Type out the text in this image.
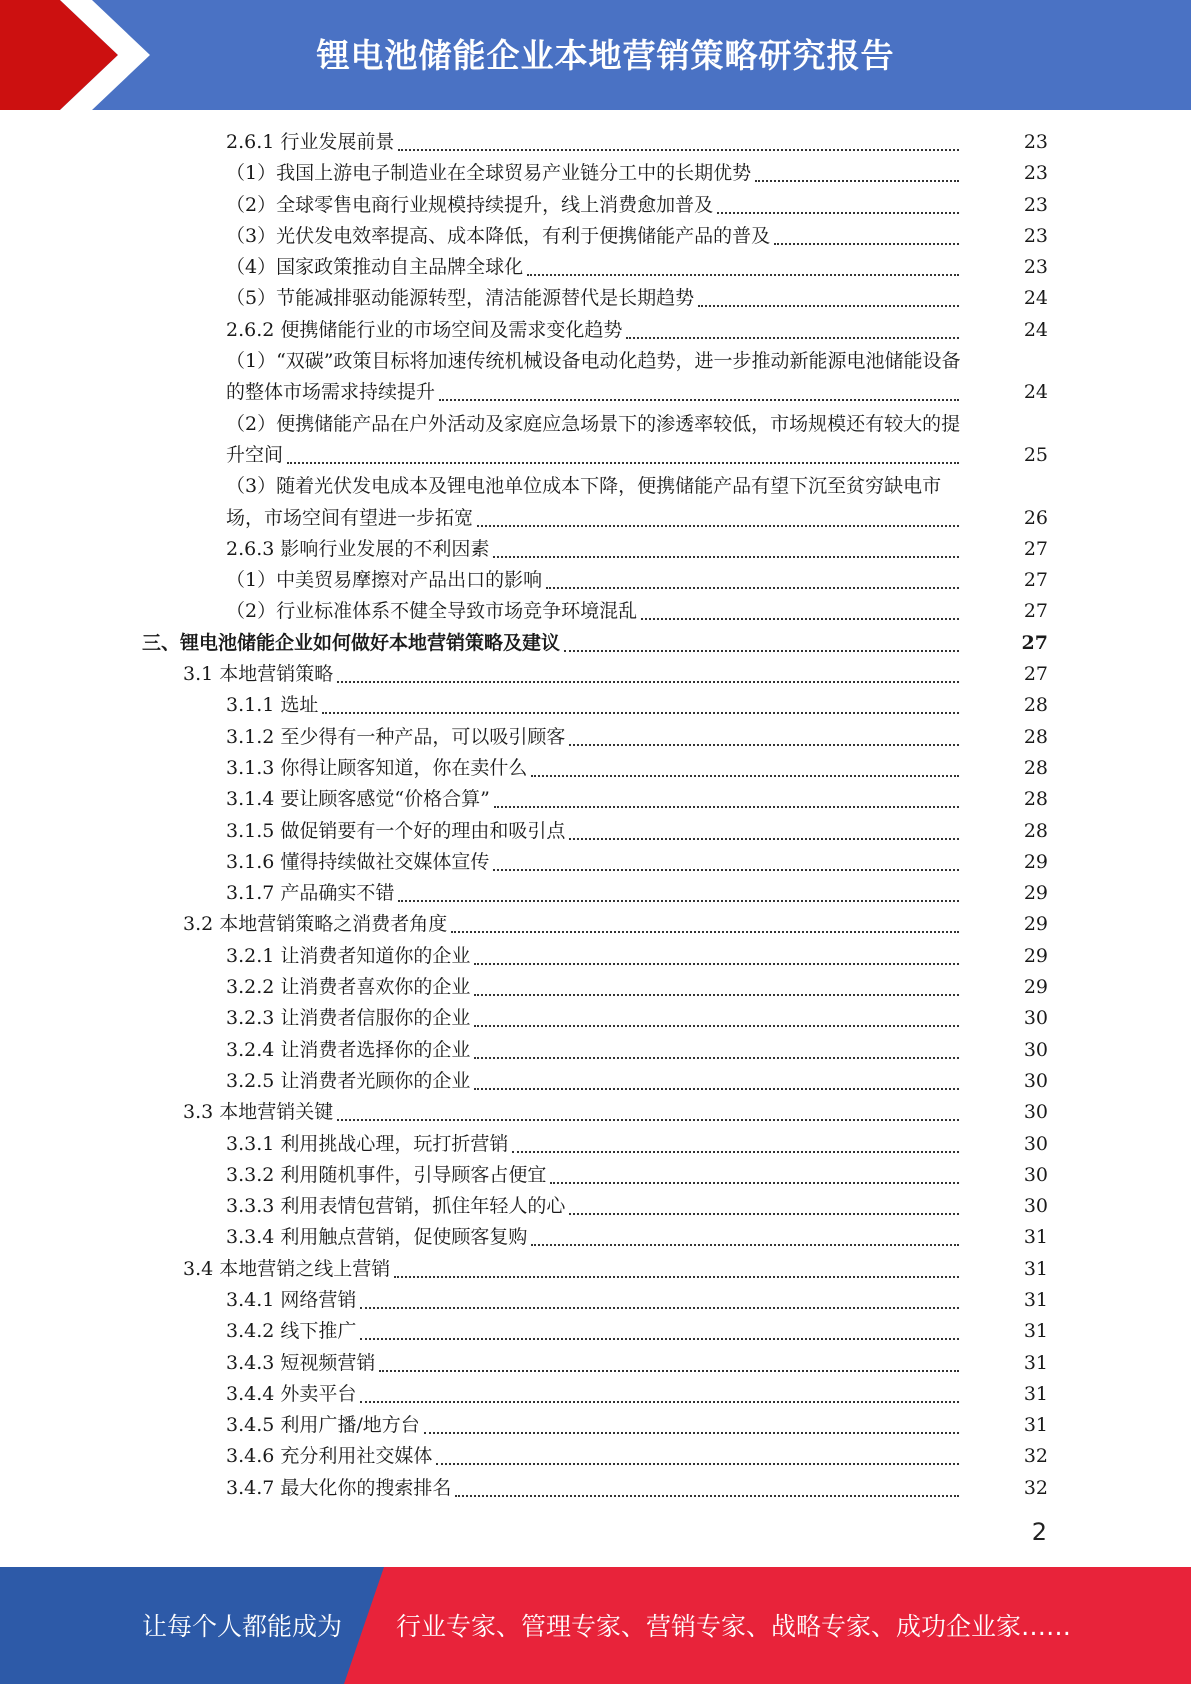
锂电池储能企业本地营销策略研究报告
2.6.1 行业发展前景	23
（1）我国上游电子制造业在全球贸易产业链分工中的长期优势	23
（2）全球零售电商行业规模持续提升，线上消费愈加普及	23
（3）光伏发电效率提高、成本降低，有利于便携储能产品的普及	23
（4）国家政策推动自主品牌全球化	23
（5）节能减排驱动能源转型，清洁能源替代是长期趋势	24
2.6.2 便携储能行业的市场空间及需求变化趋势	24
（1）“双碳”政策目标将加速传统机械设备电动化趋势，进一步推动新能源电池储能设备
的整体市场需求持续提升	24
（2）便携储能产品在户外活动及家庭应急场景下的渗透率较低，市场规模还有较大的提
升空间	25
（3）随着光伏发电成本及锂电池单位成本下降，便携储能产品有望下沉至贫穷缺电市
场，市场空间有望进一步拓宽	26
2.6.3 影响行业发展的不利因素	27
（1）中美贸易摩擦对产品出口的影响	27
（2）行业标准体系不健全导致市场竞争环境混乱	27
三、锂电池储能企业如何做好本地营销策略及建议	27
3.1 本地营销策略	27
3.1.1 选址	28
3.1.2 至少得有一种产品，可以吸引顾客	28
3.1.3 你得让顾客知道，你在卖什么	28
3.1.4 要让顾客感觉“价格合算”	28
3.1.5 做促销要有一个好的理由和吸引点	28
3.1.6 懂得持续做社交媒体宣传	29
3.1.7 产品确实不错	29
3.2 本地营销策略之消费者角度	29
3.2.1 让消费者知道你的企业	29
3.2.2 让消费者喜欢你的企业	29
3.2.3 让消费者信服你的企业	30
3.2.4 让消费者选择你的企业	30
3.2.5 让消费者光顾你的企业	30
3.3 本地营销关键	30
3.3.1 利用挑战心理，玩打折营销	30
3.3.2 利用随机事件，引导顾客占便宜	30
3.3.3 利用表情包营销，抓住年轻人的心	30
3.3.4 利用触点营销，促使顾客复购	31
3.4 本地营销之线上营销	31
3.4.1 网络营销	31
3.4.2 线下推广	31
3.4.3 短视频营销	31
3.4.4 外卖平台	31
3.4.5 利用广播/地方台	31
3.4.6 充分利用社交媒体	32
3.4.7 最大化你的搜索排名	32
2
让每个人都能成为 行业专家、管理专家、营销专家、战略专家、成功企业家……
